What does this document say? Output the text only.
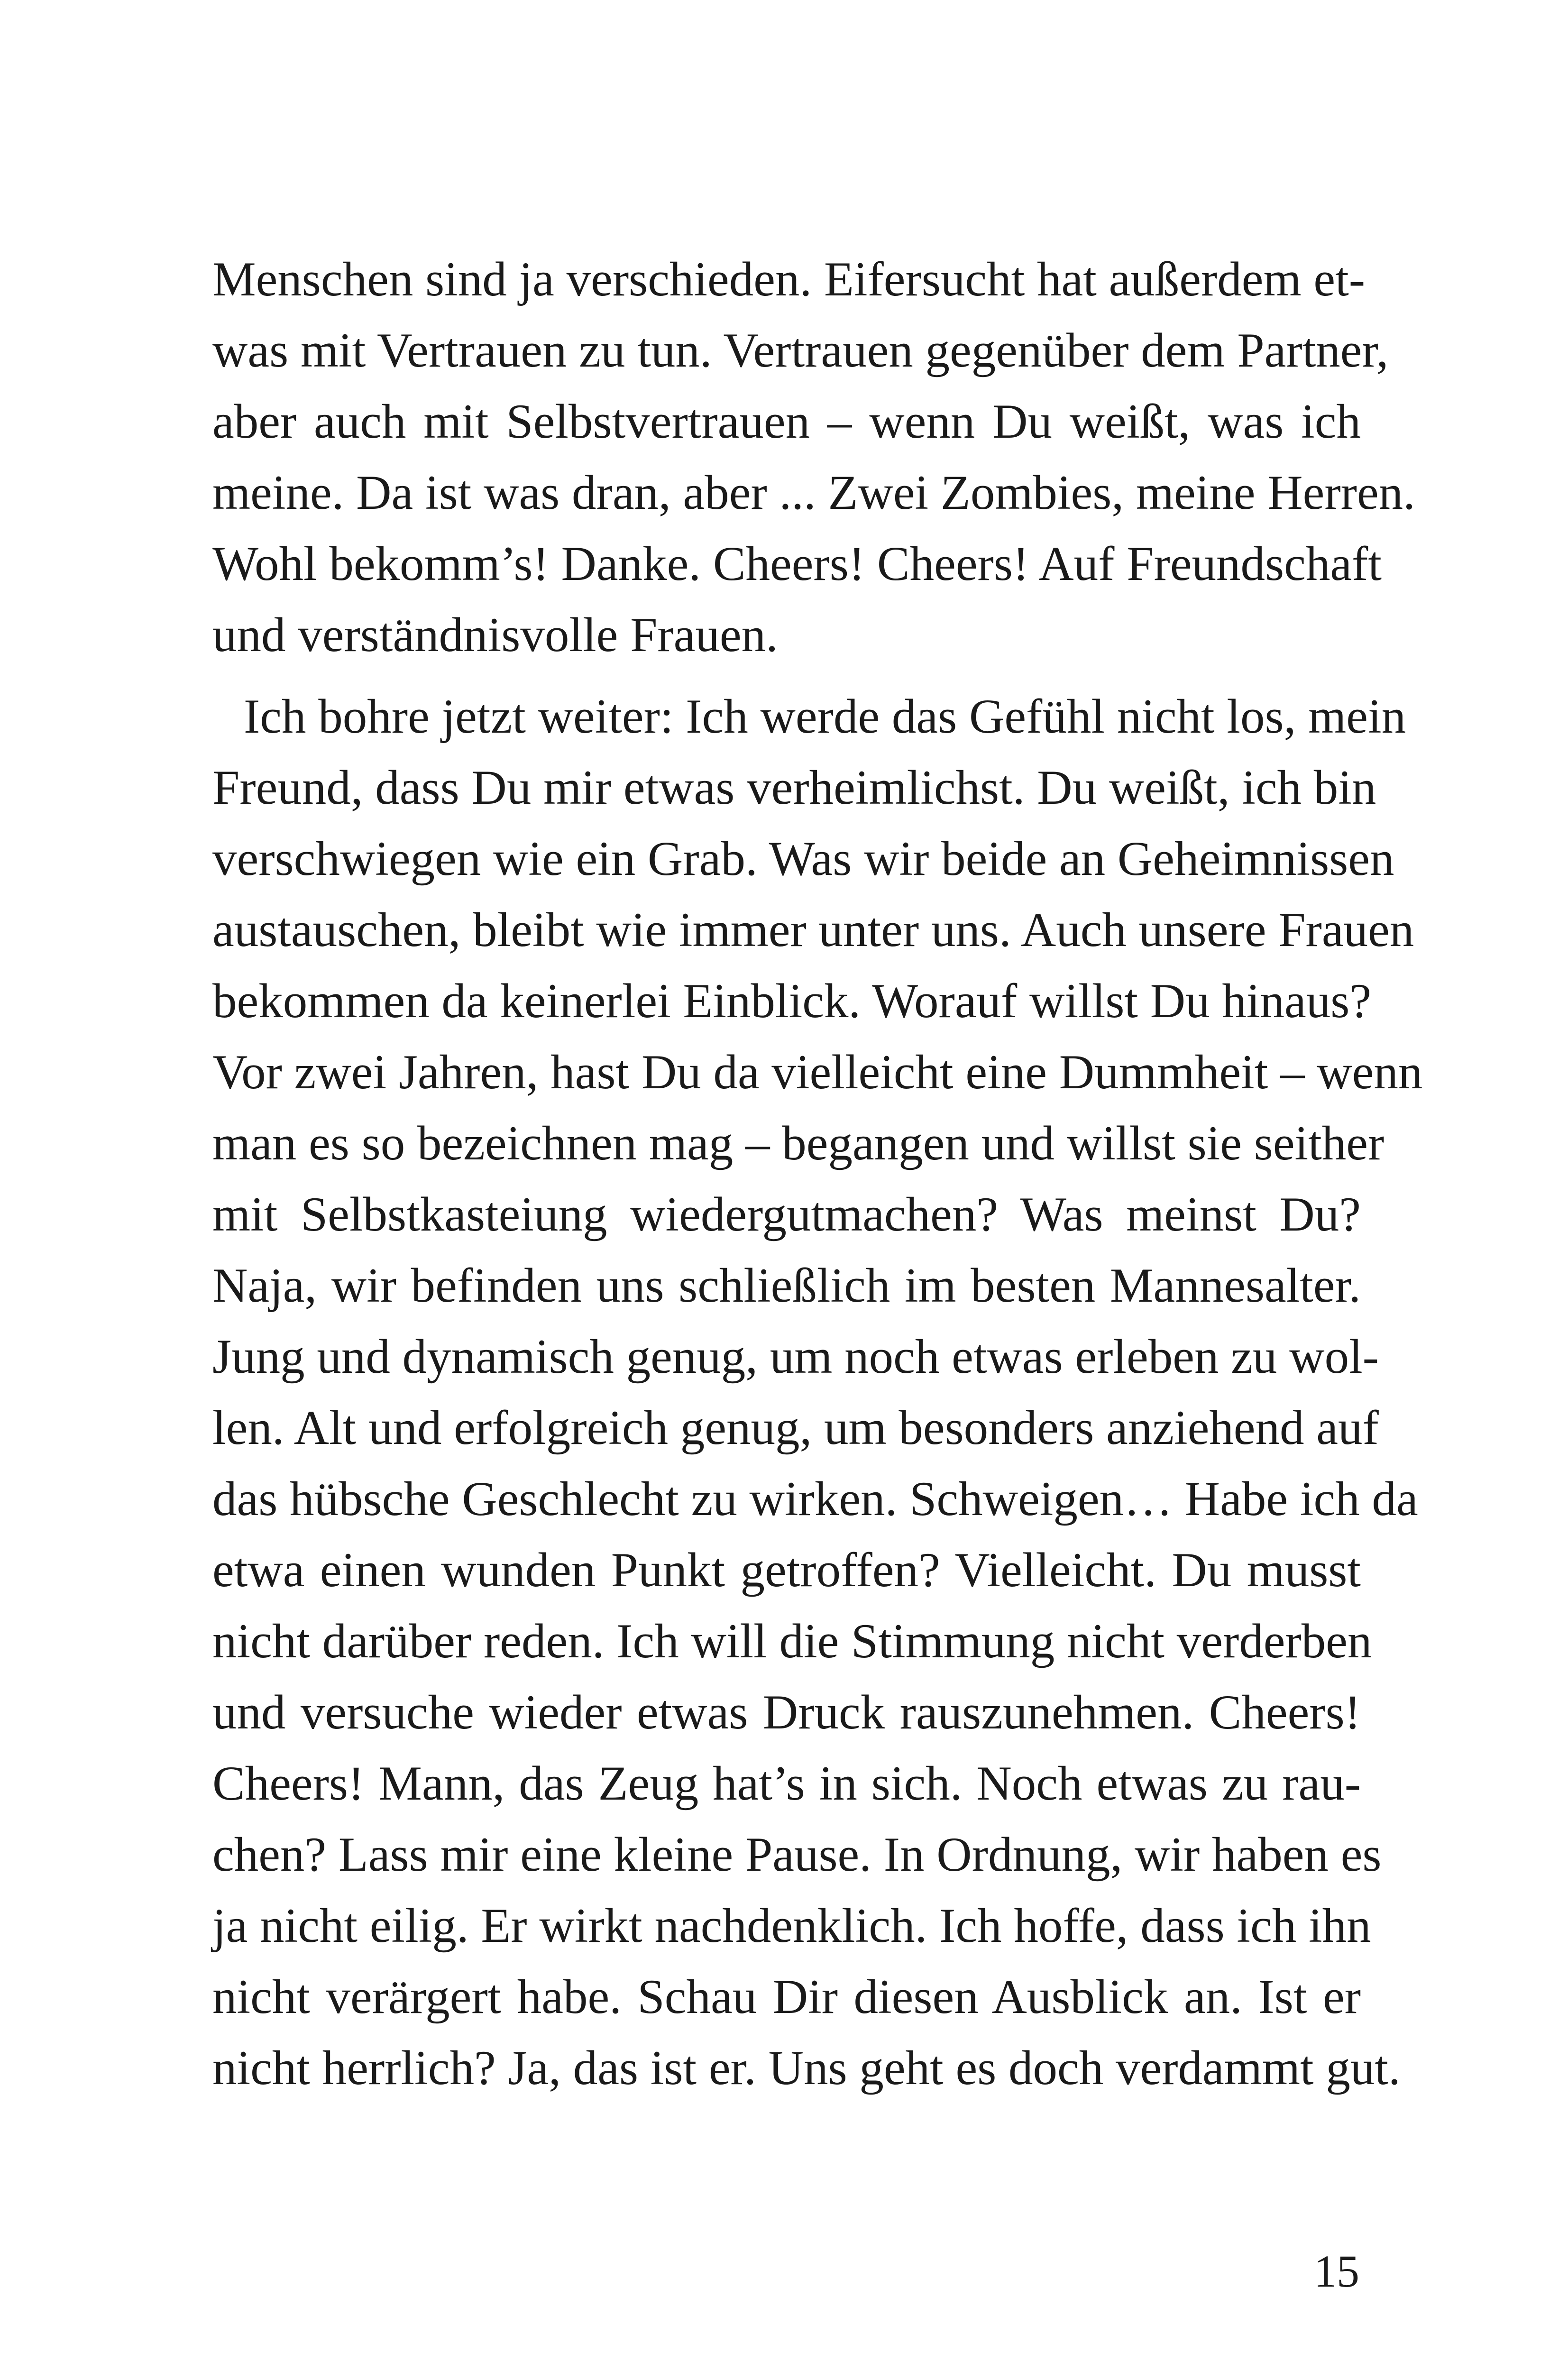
Menschen sind ja verschieden. Eifersucht hat außerdem et-
was mit Vertrauen zu tun. Vertrauen gegenüber dem Partner,
aber auch mit Selbstvertrauen – wenn Du weißt, was ich
meine. Da ist was dran, aber ... Zwei Zombies, meine Herren.
Wohl bekomm’s! Danke. Cheers! Cheers! Auf Freundschaft
und verständnisvolle Frauen.
Ich bohre jetzt weiter: Ich werde das Gefühl nicht los, mein
Freund, dass Du mir etwas verheimlichst. Du weißt, ich bin
verschwiegen wie ein Grab. Was wir beide an Geheimnissen
austauschen, bleibt wie immer unter uns. Auch unsere Frauen
bekommen da keinerlei Einblick. Worauf willst Du hinaus?
Vor zwei Jahren, hast Du da vielleicht eine Dummheit – wenn
man es so bezeichnen mag – begangen und willst sie seither
mit Selbstkasteiung wiedergutmachen? Was meinst Du?
Naja, wir befinden uns schließlich im besten Mannesalter.
Jung und dynamisch genug, um noch etwas erleben zu wol-
len. Alt und erfolgreich genug, um besonders anziehend auf
das hübsche Geschlecht zu wirken. Schweigen… Habe ich da
etwa einen wunden Punkt getroffen? Vielleicht. Du musst
nicht darüber reden. Ich will die Stimmung nicht verderben
und versuche wieder etwas Druck rauszunehmen. Cheers!
Cheers! Mann, das Zeug hat’s in sich. Noch etwas zu rau-
chen? Lass mir eine kleine Pause. In Ordnung, wir haben es
ja nicht eilig. Er wirkt nachdenklich. Ich hoffe, dass ich ihn
nicht verärgert habe. Schau Dir diesen Ausblick an. Ist er
nicht herrlich? Ja, das ist er. Uns geht es doch verdammt gut.
15
